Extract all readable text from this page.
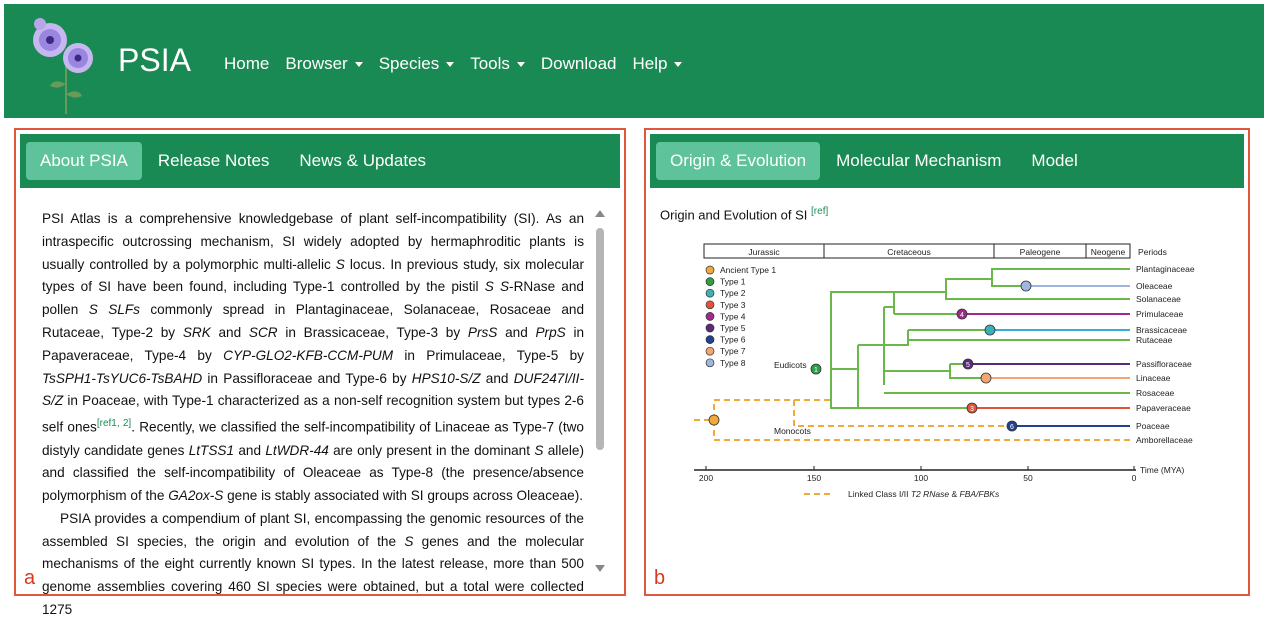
PSIA Home Browser Species Tools Download Help
About PSIA	Release Notes	News & Updates

PSI Atlas is a comprehensive knowledgebase of plant self-incompatibility (SI). As an intraspecific outcrossing mechanism, SI widely adopted by hermaphroditic plants is usually controlled by a polymorphic multi-allelic S locus. In previous study, six molecular types of SI have been found, including Type-1 controlled by the pistil S S-RNase and pollen S SLFs commonly spread in Plantaginaceae, Solanaceae, Rosaceae and Rutaceae, Type-2 by SRK and SCR in Brassicaceae, Type-3 by PrsS and PrpS in Papaveraceae, Type-4 by CYP-GLO2-KFB-CCM-PUM in Primulaceae, Type-5 by TsSPH1-TsYUC6-TsBAHD in Passifloraceae and Type-6 by HPS10-S/Z and DUF247I/II-S/Z in Poaceae, with Type-1 characterized as a non-self recognition system but types 2-6 self ones[ref1, 2]. Recently, we classified the self-incompatibility of Linaceae as Type-7 (two distyly candidate genes LtTSS1 and LtWDR-44 are only present in the dominant S allele) and classified the self-incompatibility of Oleaceae as Type-8 (the presence/absence polymorphism of the GA2ox-S gene is stably associated with SI groups across Oleaceae).

PSIA provides a compendium of plant SI, encompassing the genomic resources of the assembled SI species, the origin and evolution of the S genes and the molecular mechanisms of the eight currently known SI types. In the latest release, more than 500 genome assemblies covering 460 SI species were obtained, but a total were collected 1275

a
Origin & Evolution	Molecular Mechanism	Model
Origin and Evolution of SI [ref]
Jurassic	Cretaceous	Paleogene	Neogene Periods
Ancient Type 1
Type 1
Type 2
Type 3
Type 4
Type 5
Type 6
Type 7
Type 8
1
4
5
3
6
Eudicots
Monocots
Plantaginaceae
Oleaceae
Solanaceae
Primulaceae
Brassicaceae
Rutaceae
Passifloraceae
Linaceae
Rosaceae
Papaveraceae
Poaceae
Amborellaceae
200	150	100	50	0
Time (MYA)
Linked Class I/II T2 RNase & FBA/FBKs
b
